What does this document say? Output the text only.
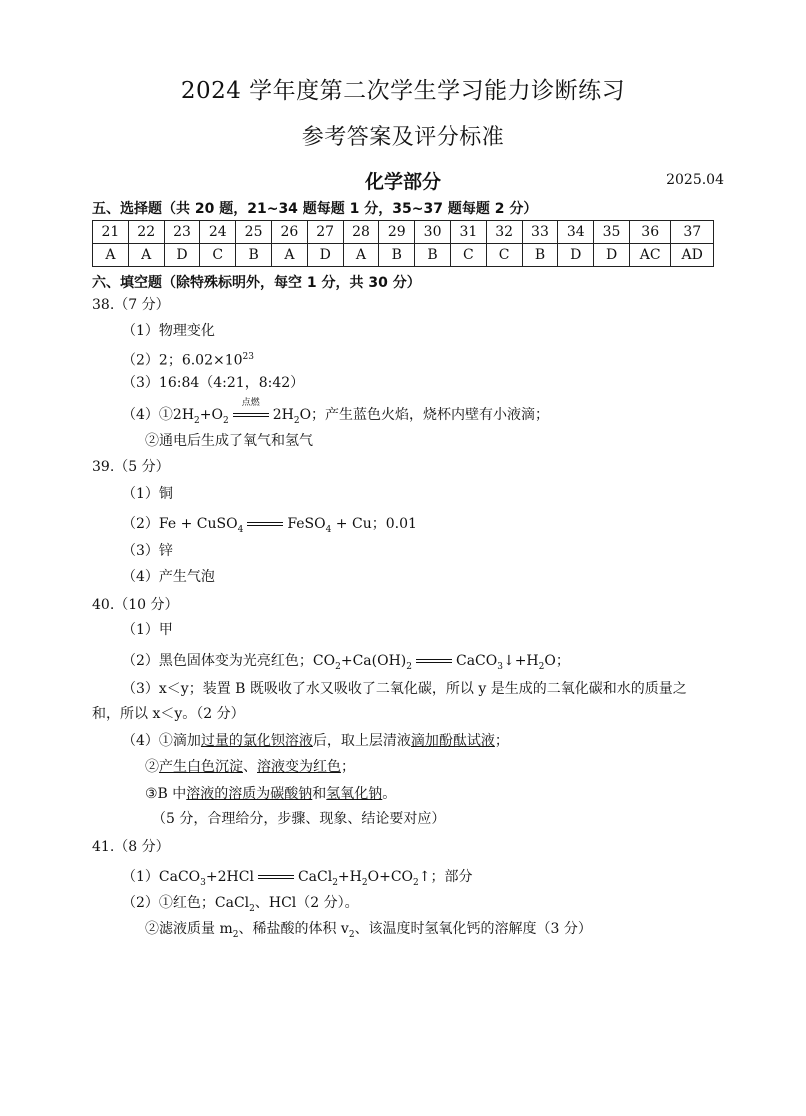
2024 学年度第二次学生学习能力诊断练习
参考答案及评分标准
化学部分	2025.04
五、选择题（共 20 题，21~34 题每题 1 分，35~37 题每题 2 分）
21	22	23	24	25	26	27	28	29	30	31	32	33	34	35	36	37
A	A	D	C	B	A	D	A	B	B	C	C	B	D	D	AC	AD
六、填空题（除特殊标明外，每空 1 分，共 30 分）
38.（7 分）
（1）物理变化
（2）2；$6.02\times 10^{23}$
（3）16:84（4:21，8:42）
$(4)①2H_2+O_2$
点燃
$2H_2O$；产生蓝色火焰，烧杯内壁有小液滴；
②通电后生成了氧气和氢气
39.（5 分）
（1）铜
（2）Fe + CuSO$_4$	FeSO$_4$ + Cu；0.01
（3）锌
（4）产生气泡
40.（10 分）
（1）甲
（2）黑色固体变为光亮红色；$CO_2+Ca(OH)_2$	$CaCO_3↓+H_2O$；
（3）x＜y；装置 B 既吸收了水又吸收了二氧化碳，所以 y 是生成的二氧化碳和水的质量之
和，所以 x＜y。（2 分）
（4）①滴加过量的氯化钡溶液后，取上层清液滴加酚酞试液；
②产生白色沉淀、溶液变为红色；
③B 中溶液的溶质为碳酸钠和氢氧化钠。
（5 分，合理给分，步骤、现象、结论要对应）
41.（8 分）
（1）CaCO$_3$+2HCl	$CaCl_2+H_2O+CO_2↑$；部分
（2）①红色；CaCl$_2$、HCl（2 分）。
②滤液质量 $m_2$、稀盐酸的体积 $v_2$、该温度时氢氧化钙的溶解度（3 分）
